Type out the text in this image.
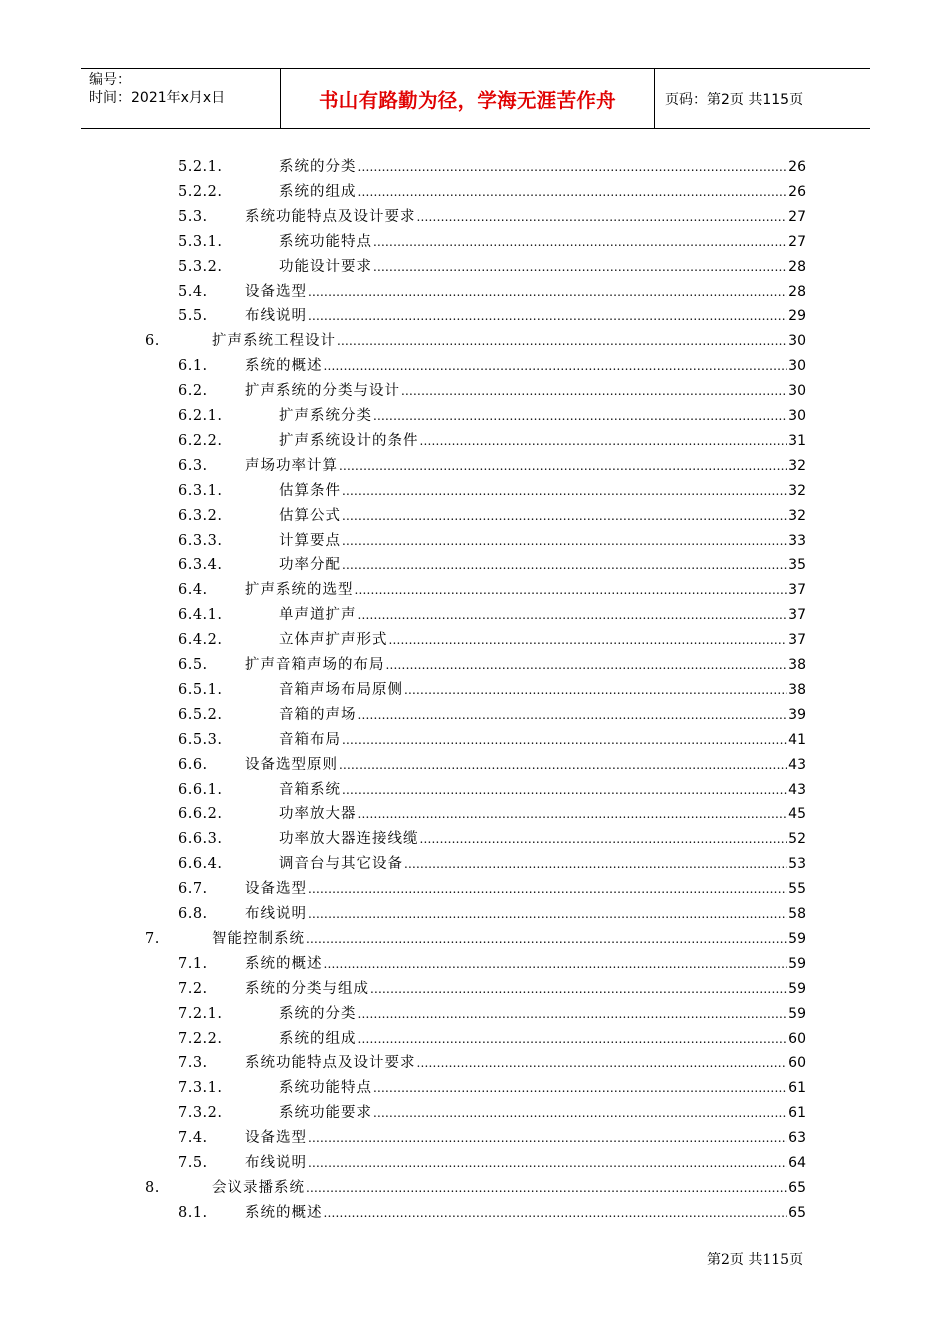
编号：
时间：2021年x月x日	书山有路勤为径，学海无涯苦作舟	页码：第2页 共115页
5.2.1.	系统的分类 .....	26
5.2.2.	系统的组成 .....	26
5.3.	系统功能特点及设计要求 .....	27
5.3.1.	系统功能特点 .....	27
5.3.2.	功能设计要求 .....	28
5.4.	设备选型 .....	28
5.5.	布线说明 .....	29
6.	扩声系统工程设计 .....	30
6.1.	系统的概述 .....	30
6.2.	扩声系统的分类与设计 .....	30
6.2.1.	扩声系统分类 .....	30
6.2.2.	扩声系统设计的条件 .....	31
6.3.	声场功率计算 .....	32
6.3.1.	估算条件 .....	32
6.3.2.	估算公式 .....	32
6.3.3.	计算要点 .....	33
6.3.4.	功率分配 .....	35
6.4.	扩声系统的选型 .....	37
6.4.1.	单声道扩声 .....	37
6.4.2.	立体声扩声形式 .....	37
6.5.	扩声音箱声场的布局 .....	38
6.5.1.	音箱声场布局原侧 .....	38
6.5.2.	音箱的声场 .....	39
6.5.3.	音箱布局 .....	41
6.6.	设备选型原则 .....	43
6.6.1.	音箱系统 .....	43
6.6.2.	功率放大器 .....	45
6.6.3.	功率放大器连接线缆 .....	52
6.6.4.	调音台与其它设备 .....	53
6.7.	设备选型 .....	55
6.8.	布线说明 .....	58
7.	智能控制系统 .....	59
7.1.	系统的概述 .....	59
7.2.	系统的分类与组成 .....	59
7.2.1.	系统的分类 .....	59
7.2.2.	系统的组成 .....	60
7.3.	系统功能特点及设计要求 .....	60
7.3.1.	系统功能特点 .....	61
7.3.2.	系统功能要求 .....	61
7.4.	设备选型 .....	63
7.5.	布线说明 .....	64
8.	会议录播系统 .....	65
8.1.	系统的概述 .....	65
第2页 共115页
